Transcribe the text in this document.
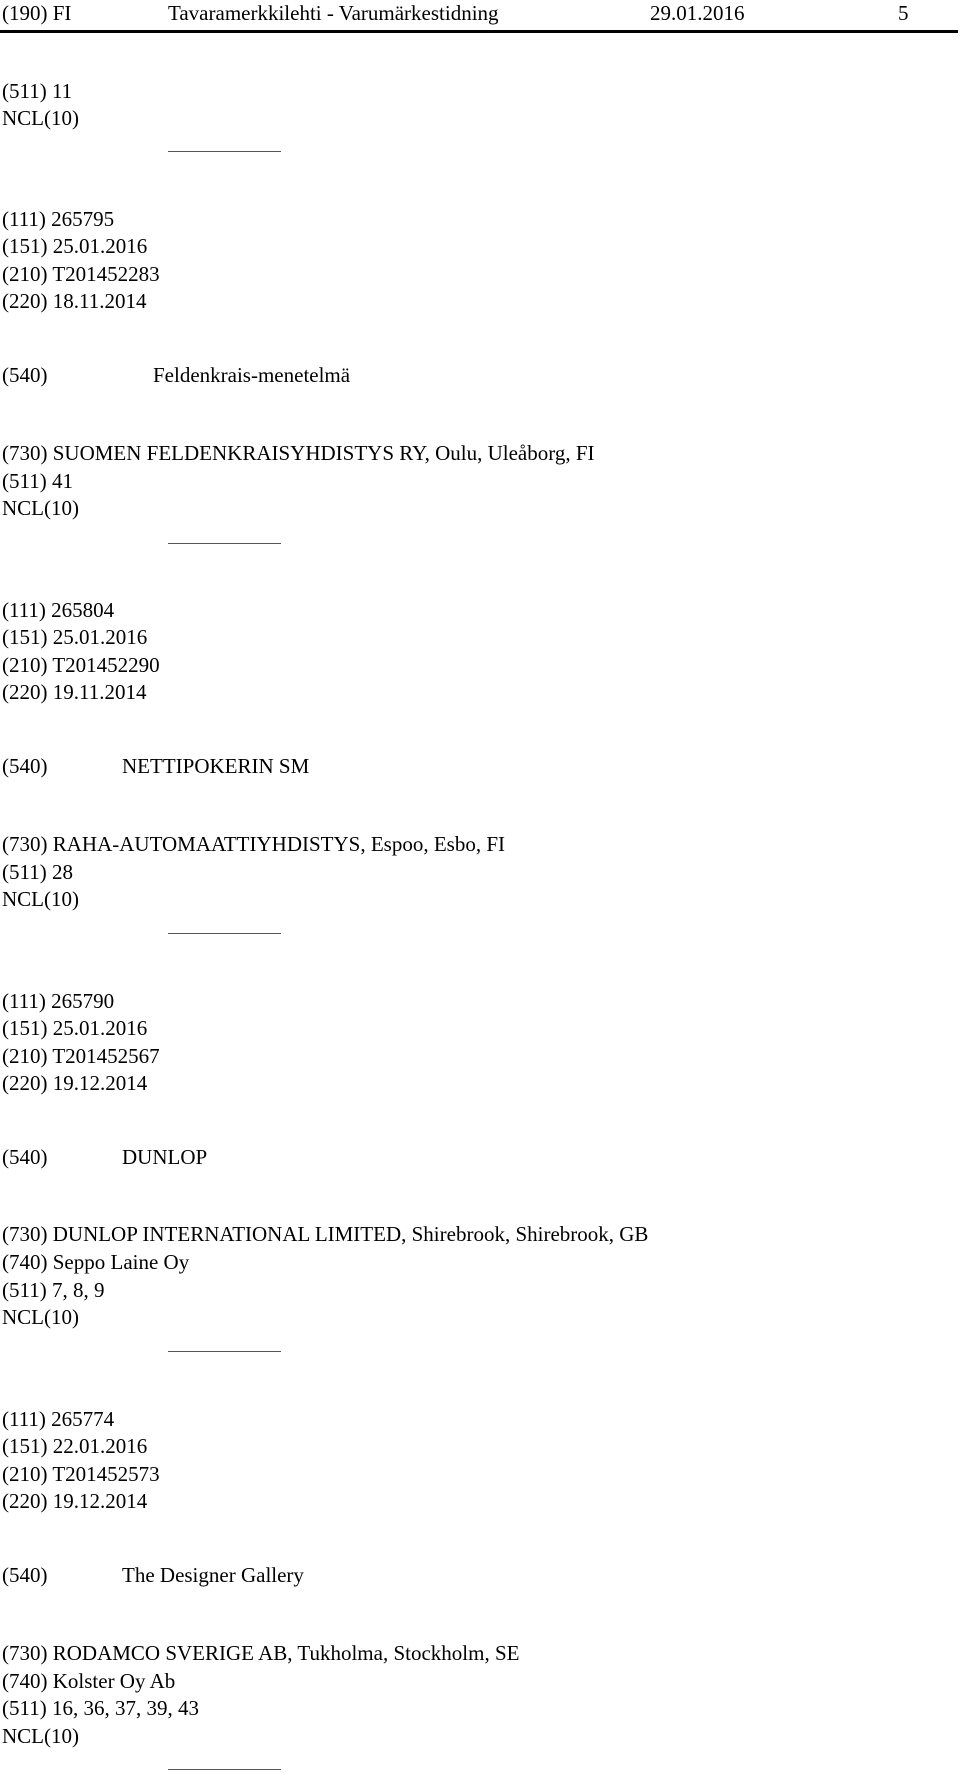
(190) FI	Tavaramerkkilehti - Varumärkestidning	29.01.2016	5
(511) 11
NCL(10)
(111) 265795
(151) 25.01.2016
(210) T201452283
(220) 18.11.2014
(540)	Feldenkrais-menetelmä
(730) SUOMEN FELDENKRAISYHDISTYS RY, Oulu, Uleåborg, FI
(511) 41
NCL(10)
(111) 265804
(151) 25.01.2016
(210) T201452290
(220) 19.11.2014
(540)	NETTIPOKERIN SM
(730) RAHA-AUTOMAATTIYHDISTYS, Espoo, Esbo, FI
(511) 28
NCL(10)
(111) 265790
(151) 25.01.2016
(210) T201452567
(220) 19.12.2014
(540)	DUNLOP
(730) DUNLOP INTERNATIONAL LIMITED, Shirebrook, Shirebrook, GB
(740) Seppo Laine Oy
(511) 7, 8, 9
NCL(10)
(111) 265774
(151) 22.01.2016
(210) T201452573
(220) 19.12.2014
(540)	The Designer Gallery
(730) RODAMCO SVERIGE AB, Tukholma, Stockholm, SE
(740) Kolster Oy Ab
(511) 16, 36, 37, 39, 43
NCL(10)
